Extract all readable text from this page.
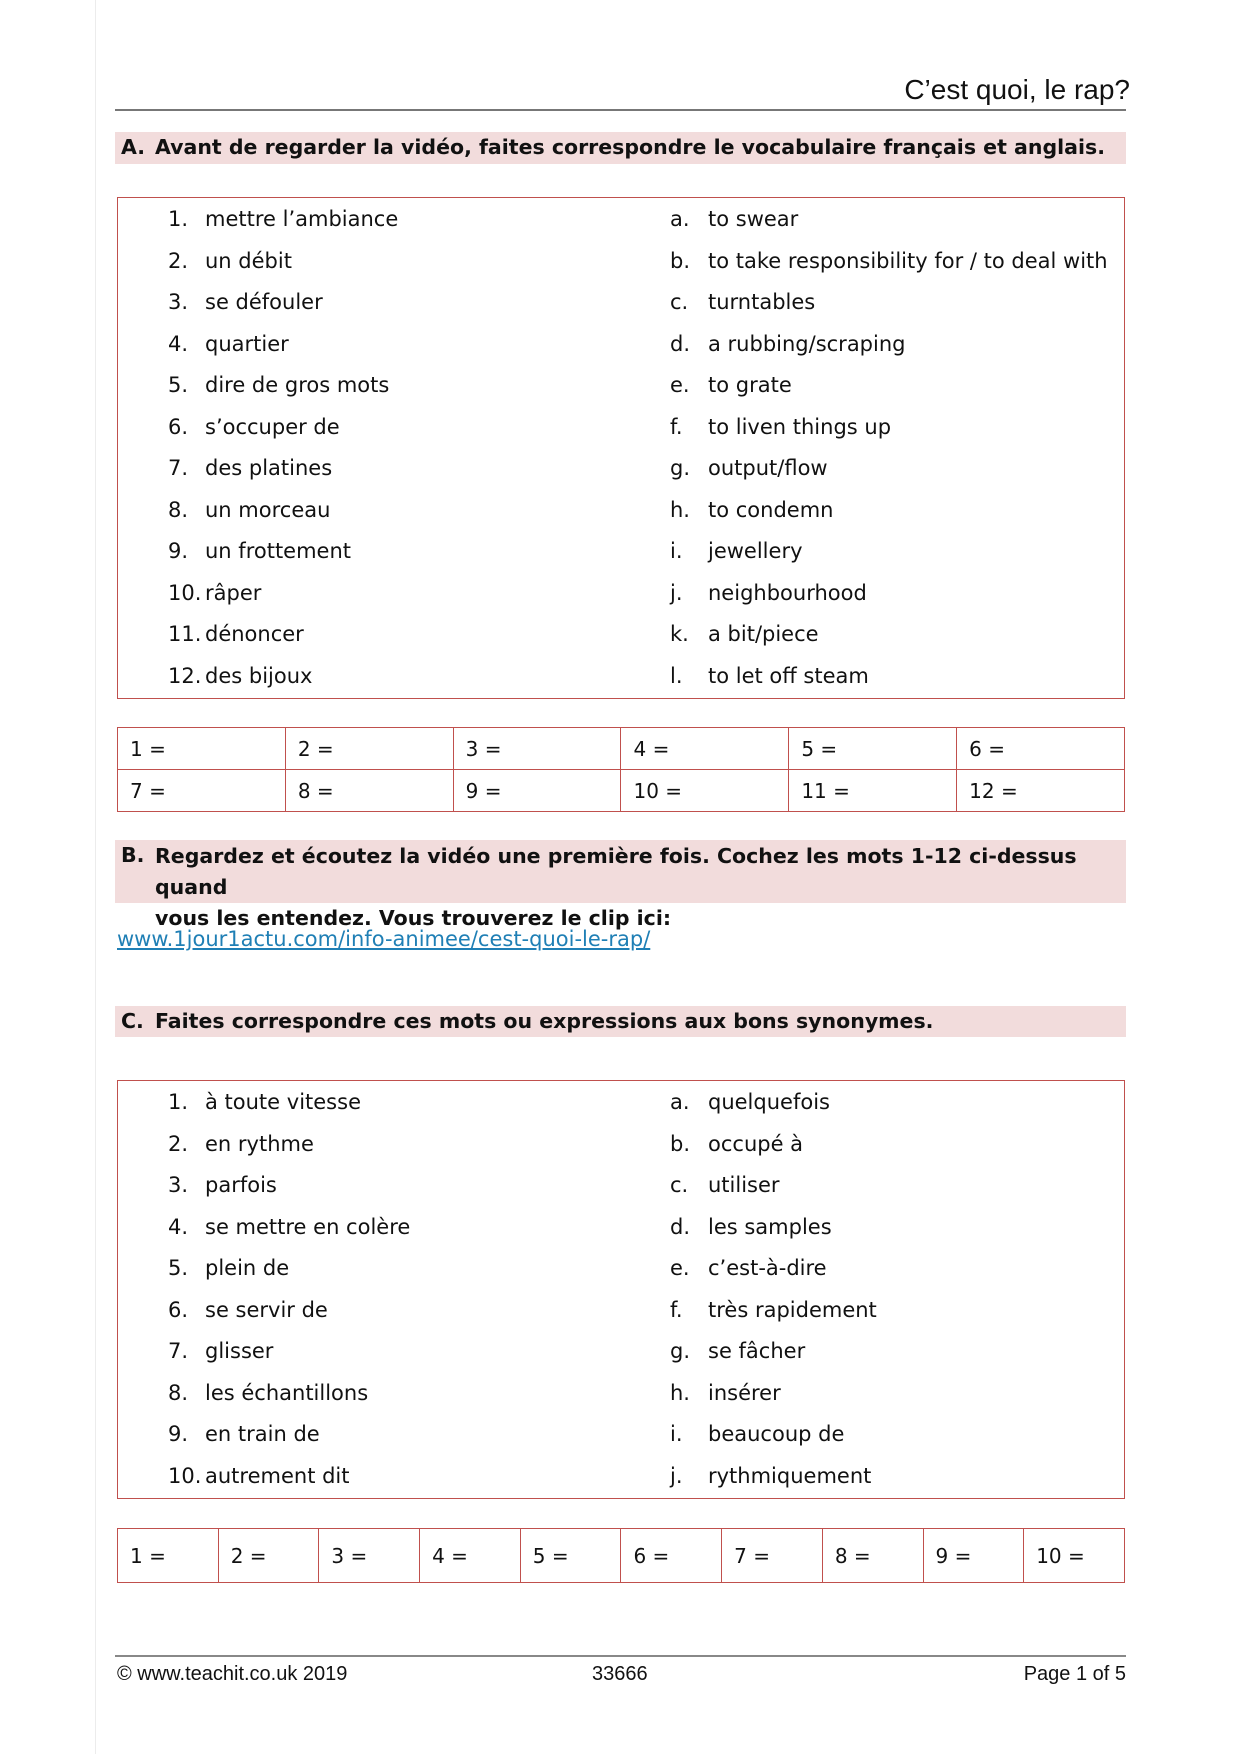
C’est quoi, le rap?
A. Avant de regarder la vidéo, faites correspondre le vocabulaire français et anglais.
1. mettre l’ambiance	a. to swear
2. un débit	b. to take responsibility for / to deal with
3. se défouler	c. turntables
4. quartier	d. a rubbing/scraping
5. dire de gros mots	e. to grate
6. s’occuper de	f. to liven things up
7. des platines	g. output/flow
8. un morceau	h. to condemn
9. un frottement	i. jewellery
10. râper	j. neighbourhood
11. dénoncer	k. a bit/piece
12. des bijoux	l. to let off steam
1 =	2 =	3 =	4 =	5 =	6 =
7 =	8 =	9 =	10 =	11 =	12 =
B. Regardez et écoutez la vidéo une première fois. Cochez les mots 1-12 ci-dessus quand
vous les entendez. Vous trouverez le clip ici:
www.1jour1actu.com/info-animee/cest-quoi-le-rap/
C. Faites correspondre ces mots ou expressions aux bons synonymes.
1. à toute vitesse	a. quelquefois
2. en rythme	b. occupé à
3. parfois	c. utiliser
4. se mettre en colère	d. les samples
5. plein de	e. c’est-à-dire
6. se servir de	f. très rapidement
7. glisser	g. se fâcher
8. les échantillons	h. insérer
9. en train de	i. beaucoup de
10. autrement dit	j. rythmiquement
1 =	2 =	3 =	4 =	5 =	6 =	7 =	8 =	9 =	10 =
© www.teachit.co.uk 2019	33666	Page 1 of 5
